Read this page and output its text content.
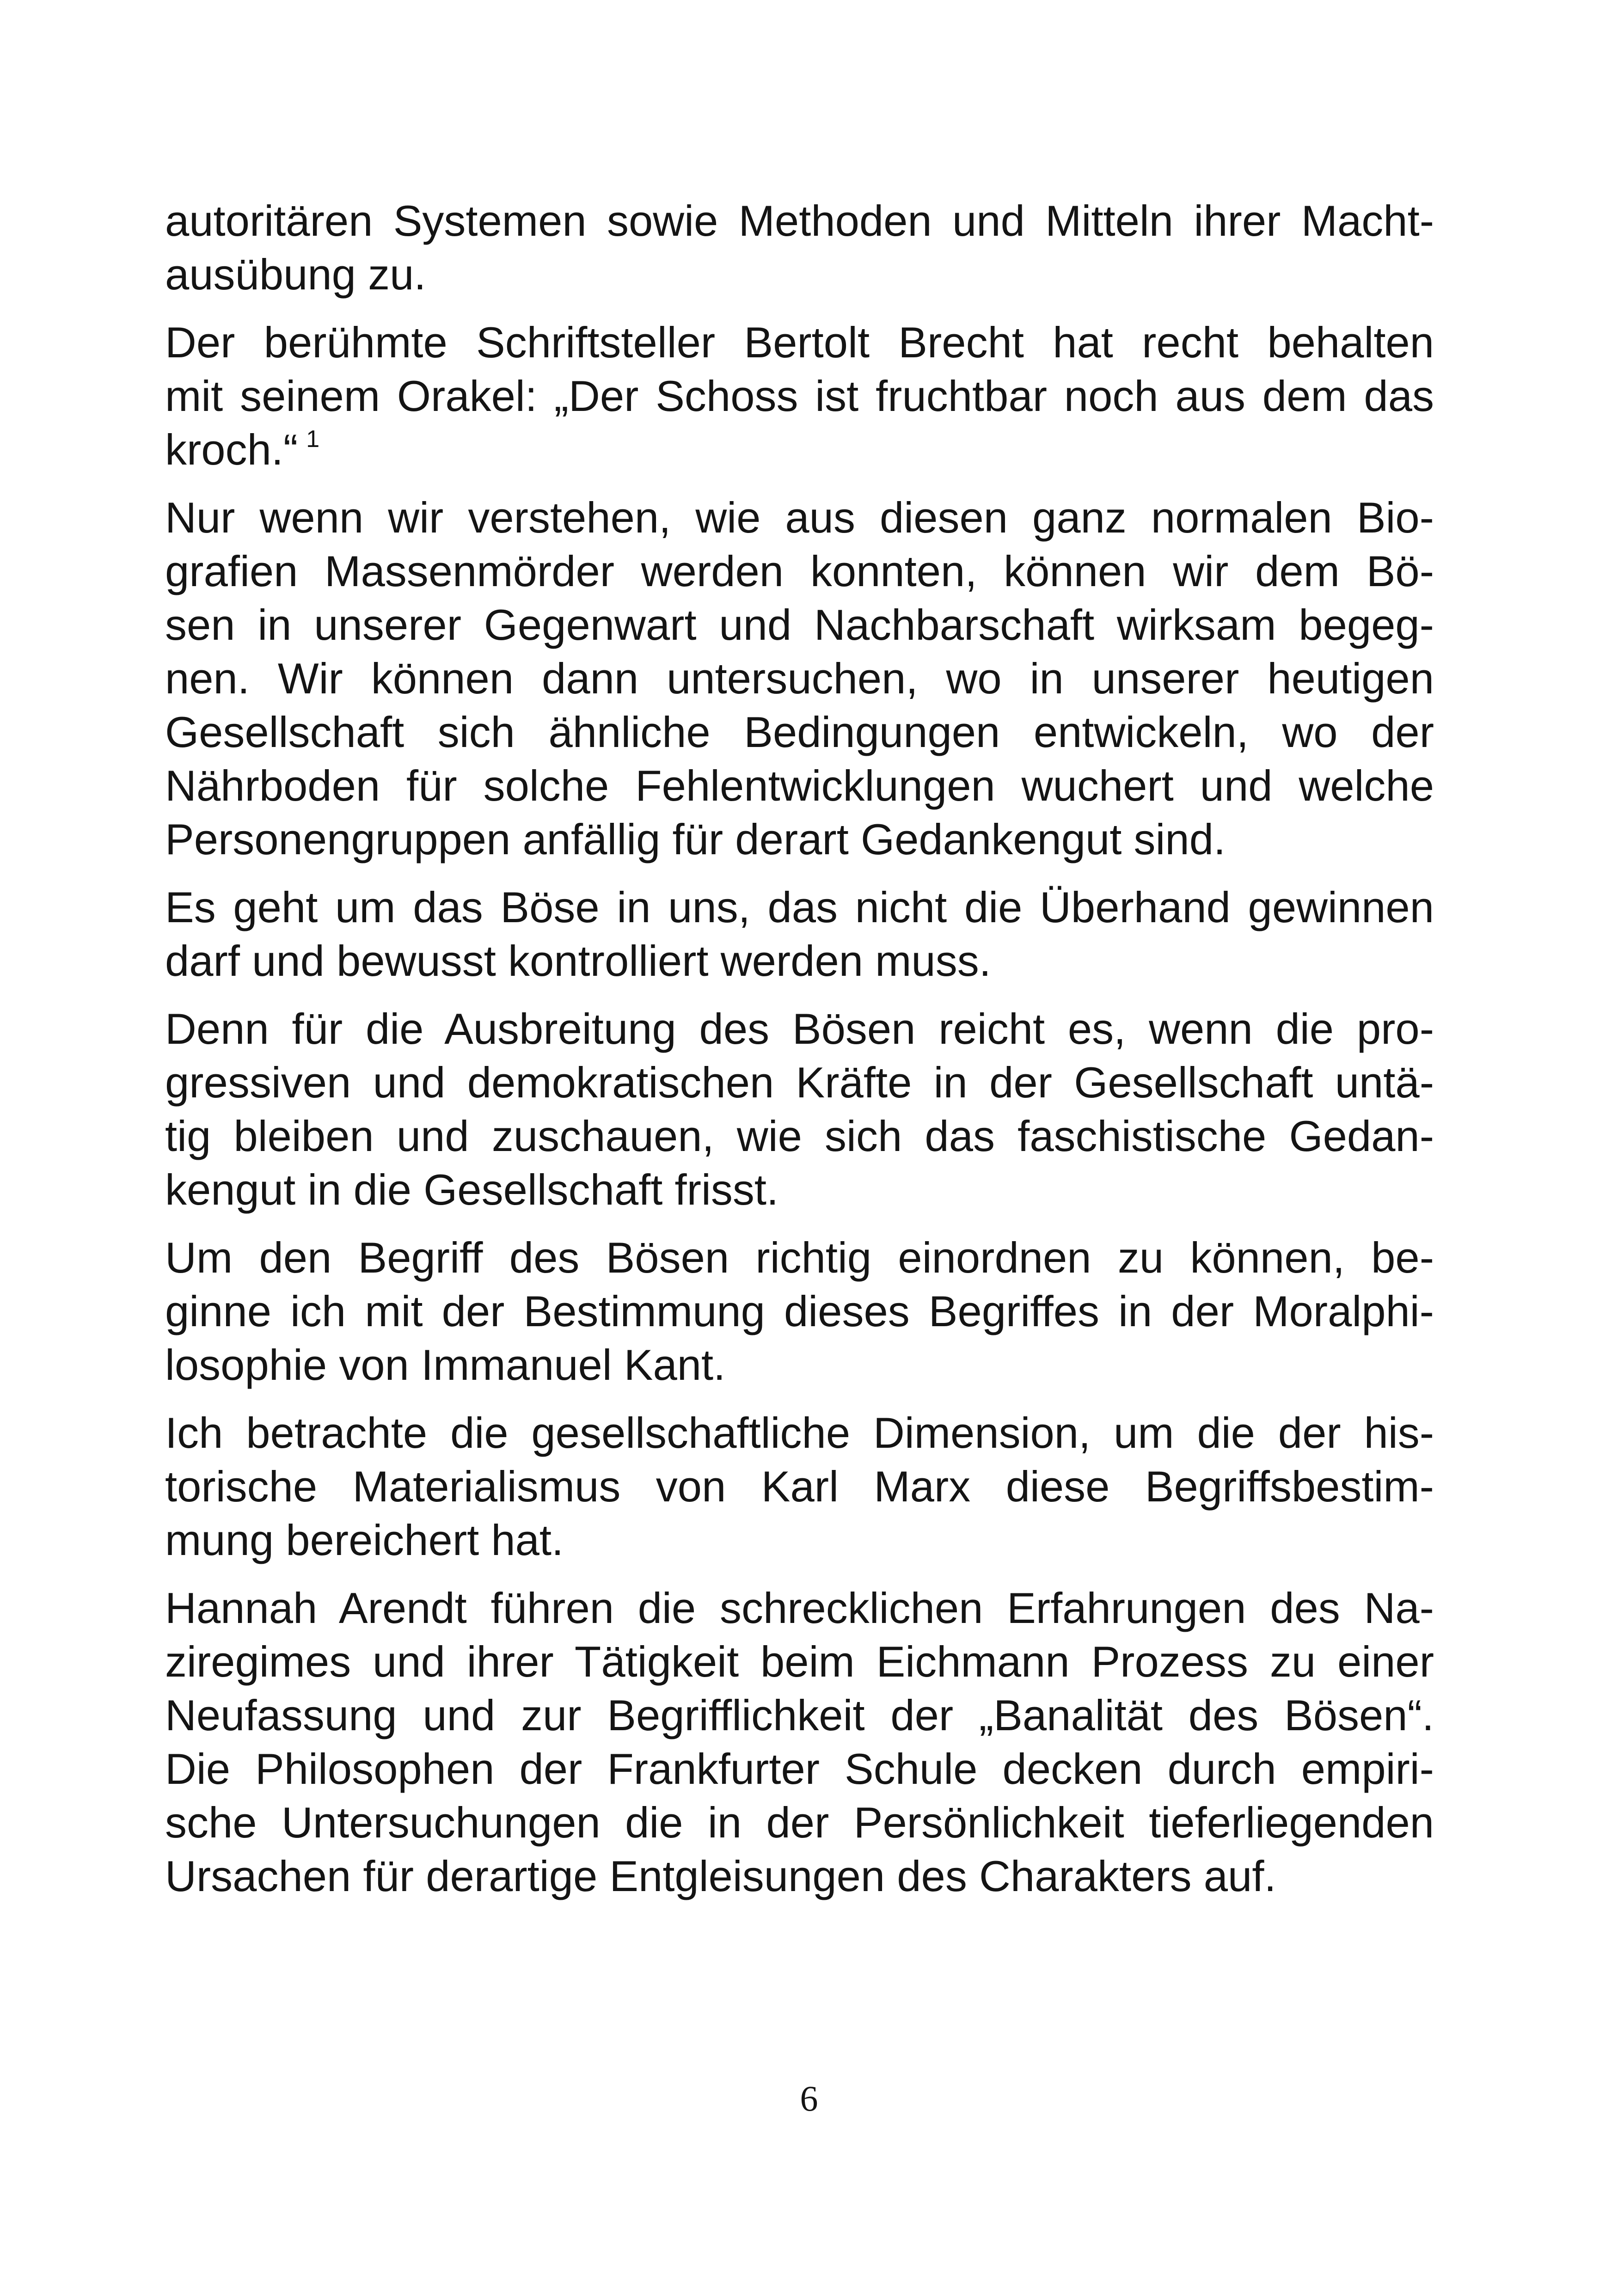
autoritären Systemen sowie Methoden und Mitteln ihrer Macht-
ausübung zu.

Der berühmte Schriftsteller Bertolt Brecht hat recht behalten
mit seinem Orakel: „Der Schoss ist fruchtbar noch aus dem das
kroch.“ $^1$

Nur wenn wir verstehen, wie aus diesen ganz normalen Bio-
grafien Massenmörder werden konnten, können wir dem Bö-
sen in unserer Gegenwart und Nachbarschaft wirksam begeg-
nen. Wir können dann untersuchen, wo in unserer heutigen
Gesellschaft sich ähnliche Bedingungen entwickeln, wo der
Nährboden für solche Fehlentwicklungen wuchert und welche
Personengruppen anfällig für derart Gedankengut sind.

Es geht um das Böse in uns, das nicht die Überhand gewinnen
darf und bewusst kontrolliert werden muss.

Denn für die Ausbreitung des Bösen reicht es, wenn die pro-
gressiven und demokratischen Kräfte in der Gesellschaft untä-
tig bleiben und zuschauen, wie sich das faschistische Gedan-
kengut in die Gesellschaft frisst.

Um den Begriff des Bösen richtig einordnen zu können, be-
ginne ich mit der Bestimmung dieses Begriffes in der Moralphi-
losophie von Immanuel Kant.

Ich betrachte die gesellschaftliche Dimension, um die der his-
torische Materialismus von Karl Marx diese Begriffsbestim-
mung bereichert hat.

Hannah Arendt führen die schrecklichen Erfahrungen des Na-
ziregimes und ihrer Tätigkeit beim Eichmann Prozess zu einer
Neufassung und zur Begrifflichkeit der „Banalität des Bösen“.
Die Philosophen der Frankfurter Schule decken durch empiri-
sche Untersuchungen die in der Persönlichkeit tieferliegenden
Ursachen für derartige Entgleisungen des Charakters auf.

6
